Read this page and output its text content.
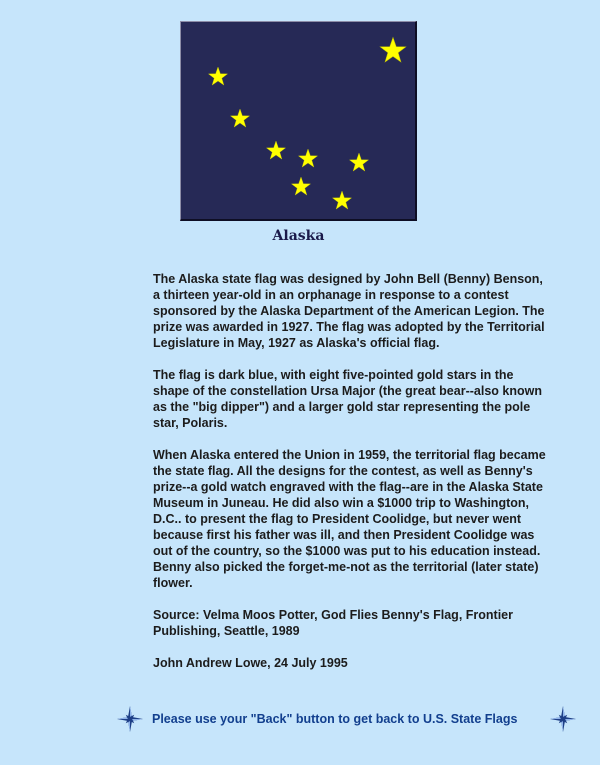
Alaska

The Alaska state flag was designed by John Bell (Benny) Benson, a thirteen year-old in an orphanage in response to a contest sponsored by the Alaska Department of the American Legion. The prize was awarded in 1927. The flag was adopted by the Territorial Legislature in May, 1927 as Alaska's official flag.

The flag is dark blue, with eight five-pointed gold stars in the shape of the constellation Ursa Major (the great bear--also known as the "big dipper") and a larger gold star representing the pole star, Polaris.

When Alaska entered the Union in 1959, the territorial flag became the state flag. All the designs for the contest, as well as Benny's prize--a gold watch engraved with the flag--are in the Alaska State Museum in Juneau. He did also win a $1000 trip to Washington, D.C.. to present the flag to President Coolidge, but never went because first his father was ill, and then President Coolidge was out of the country, so the $1000 was put to his education instead. Benny also picked the forget-me-not as the territorial (later state) flower.

Source: Velma Moos Potter, God Flies Benny's Flag, Frontier Publishing, Seattle, 1989

John Andrew Lowe, 24 July 1995

Please use your "Back" button to get back to U.S. State Flags
